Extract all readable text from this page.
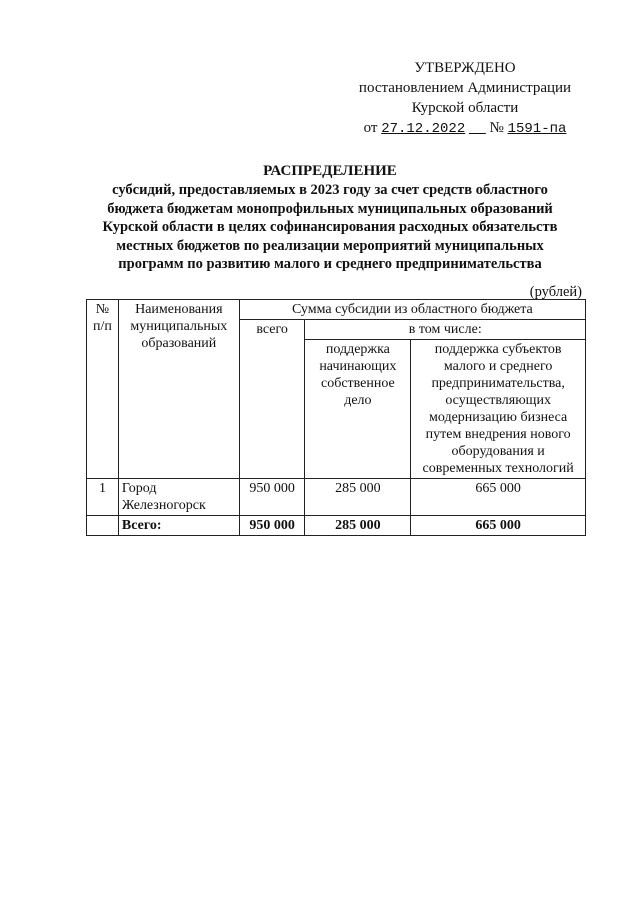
УТВЕРЖДЕНО
постановлением Администрации
Курской области
от 27.12.2022 № 1591-па
РАСПРЕДЕЛЕНИЕ
субсидий, предоставляемых в 2023 году за счет средств областного
бюджета бюджетам монопрофильных муниципальных образований
Курской области в целях софинансирования расходных обязательств
местных бюджетов по реализации мероприятий муниципальных
программ по развитию малого и среднего предпринимательства
(рублей)
№ п/п	Наименования муниципальных образований	Сумма субсидии из областного бюджета		
		всего	в том числе:	
			поддержка начинающих собственное дело	поддержка субъектов малого и среднего предпринимательства, осуществляющих модернизацию бизнеса путем внедрения нового оборудования и современных технологий
1	Город Железногорск	950 000	285 000	665 000
	Всего:	950 000	285 000	665 000
